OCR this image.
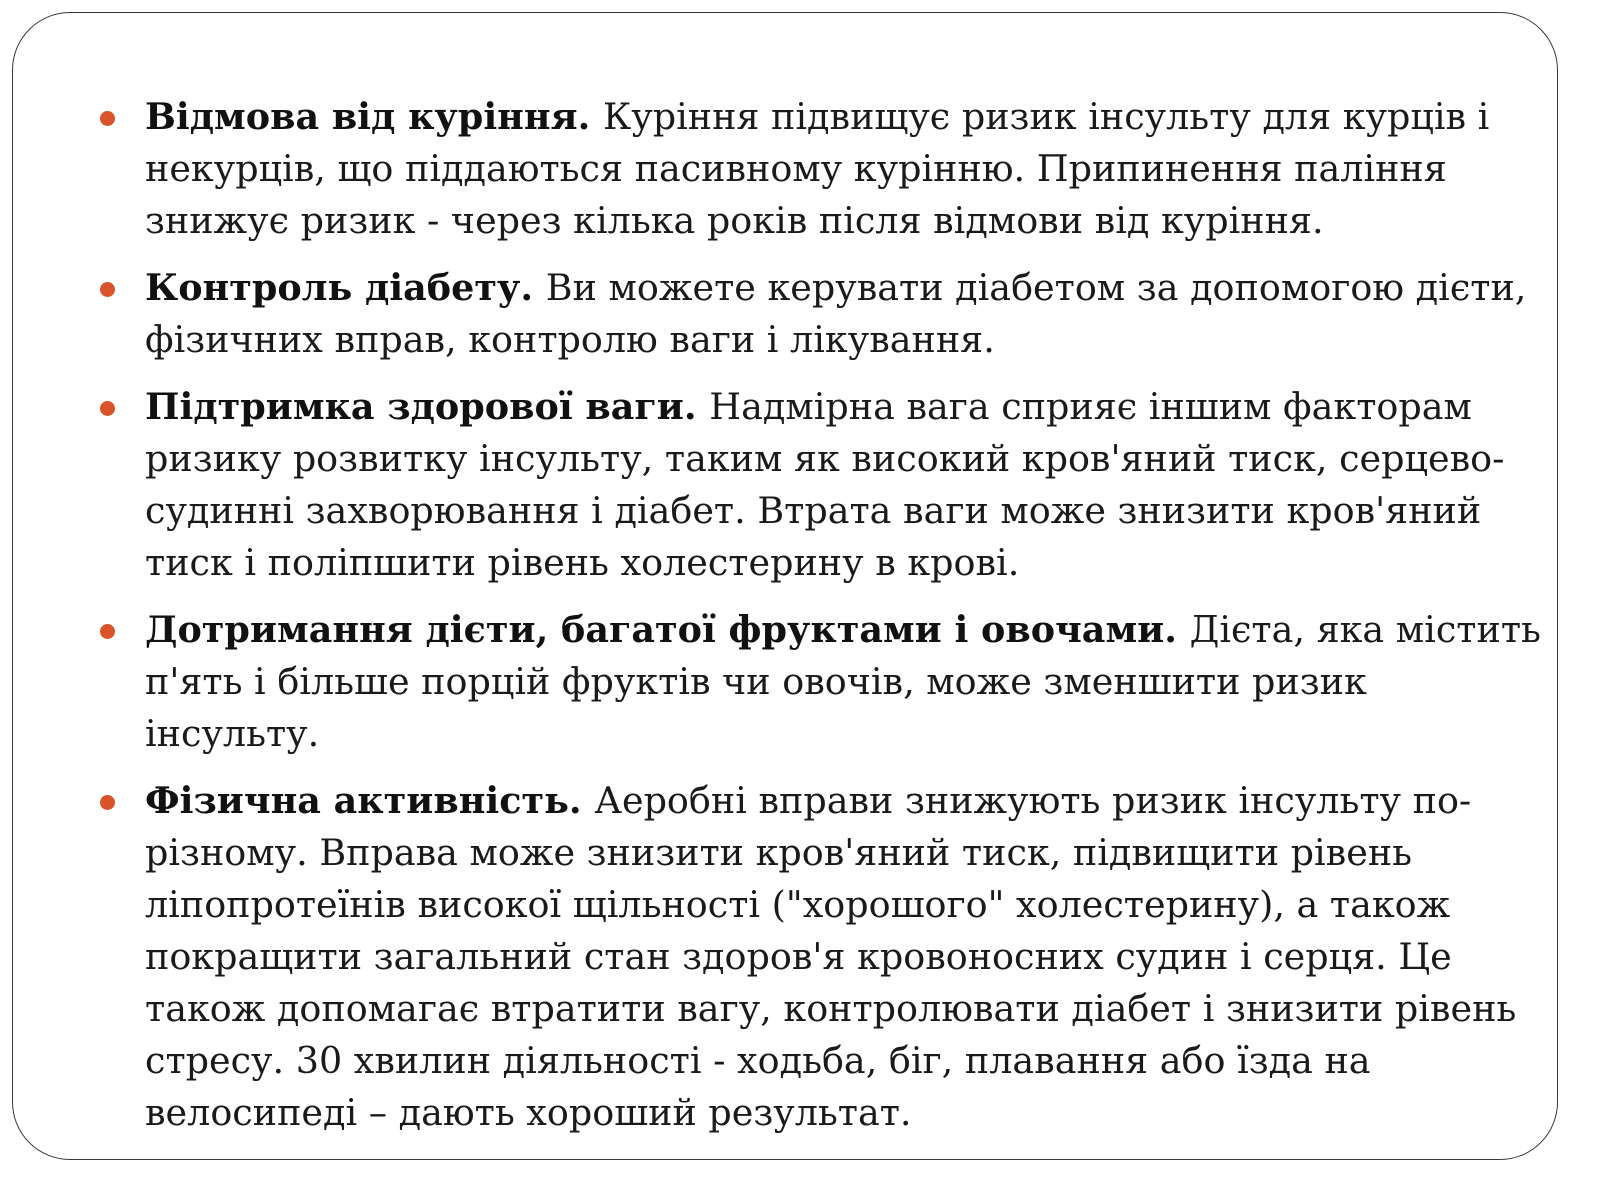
Відмова від куріння. Куріння підвищує ризик інсульту для курців і некурців, що піддаються пасивному курінню. Припинення паління знижує ризик - через кілька років після відмови від куріння.
Контроль діабету. Ви можете керувати діабетом за допомогою дієти, фізичних вправ, контролю ваги і лікування.
Підтримка здорової ваги. Надмірна вага сприяє іншим факторам ризику розвитку інсульту, таким як високий кров'яний тиск, серцево-судинні захворювання і діабет. Втрата ваги може знизити кров'яний тиск і поліпшити рівень холестерину в крові.
Дотримання дієти, багатої фруктами і овочами. Дієта, яка містить п'ять і більше порцій фруктів чи овочів, може зменшити ризик інсульту.
Фізична активність. Аеробні вправи знижують ризик інсульту по-різному. Вправа може знизити кров'яний тиск, підвищити рівень ліпопротеїнів високої щільності ("хорошого" холестерину), а також покращити загальний стан здоров'я кровоносних судин і серця. Це також допомагає втратити вагу, контролювати діабет і знизити рівень стресу. 30 хвилин діяльності - ходьба, біг, плавання або їзда на велосипеді – дають хороший результат.
